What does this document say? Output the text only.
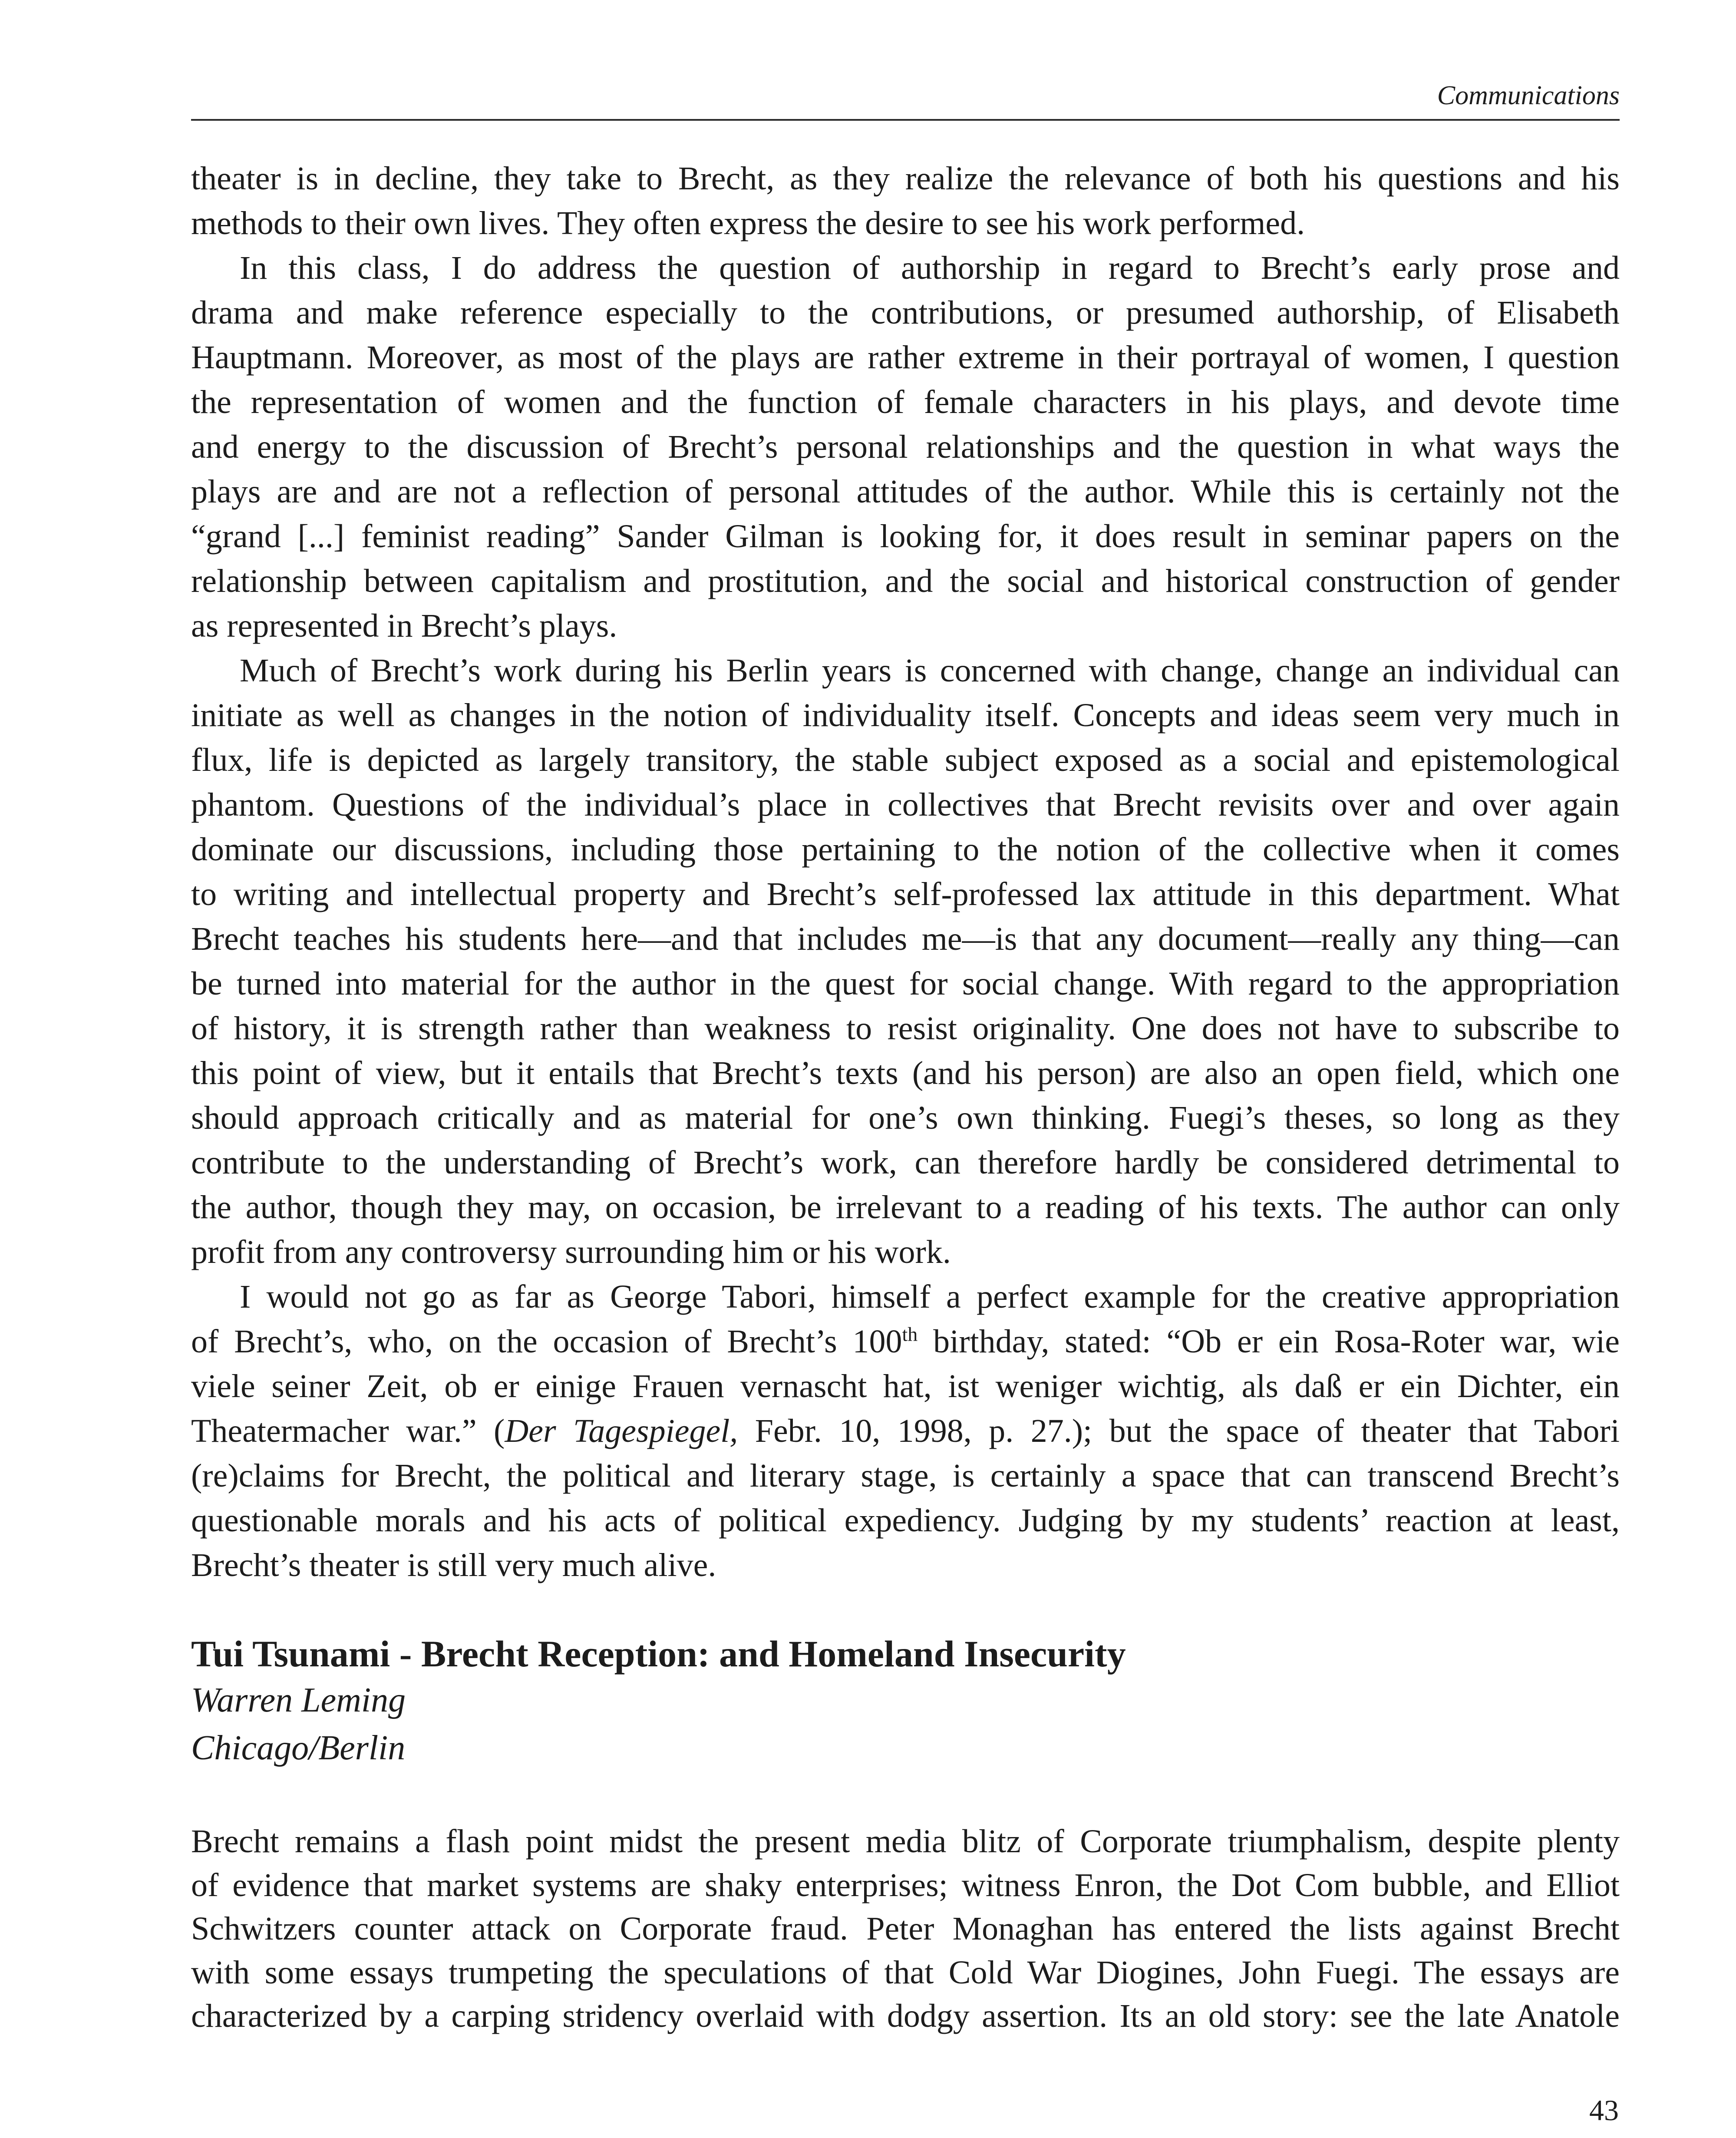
Communications
theater is in decline, they take to Brecht, as they realize the relevance of both his questions and his
methods to their own lives. They often express the desire to see his work performed.
In this class, I do address the question of authorship in regard to Brecht’s early prose and
drama and make reference especially to the contributions, or presumed authorship, of Elisabeth
Hauptmann. Moreover, as most of the plays are rather extreme in their portrayal of women, I question
the representation of women and the function of female characters in his plays, and devote time
and energy to the discussion of Brecht’s personal relationships and the question in what ways the
plays are and are not a reflection of personal attitudes of the author. While this is certainly not the
“grand [...] feminist reading” Sander Gilman is looking for, it does result in seminar papers on the
relationship between capitalism and prostitution, and the social and historical construction of gender
as represented in Brecht’s plays.
Much of Brecht’s work during his Berlin years is concerned with change, change an individual can
initiate as well as changes in the notion of individuality itself. Concepts and ideas seem very much in
flux, life is depicted as largely transitory, the stable subject exposed as a social and epistemological
phantom. Questions of the individual’s place in collectives that Brecht revisits over and over again
dominate our discussions, including those pertaining to the notion of the collective when it comes
to writing and intellectual property and Brecht’s self-professed lax attitude in this department. What
Brecht teaches his students here—and that includes me—is that any document—really any thing—can
be turned into material for the author in the quest for social change. With regard to the appropriation
of history, it is strength rather than weakness to resist originality. One does not have to subscribe to
this point of view, but it entails that Brecht’s texts (and his person) are also an open field, which one
should approach critically and as material for one’s own thinking. Fuegi’s theses, so long as they
contribute to the understanding of Brecht’s work, can therefore hardly be considered detrimental to
the author, though they may, on occasion, be irrelevant to a reading of his texts. The author can only
profit from any controversy surrounding him or his work.
I would not go as far as George Tabori, himself a perfect example for the creative appropriation
of Brecht’s, who, on the occasion of Brecht’s 100th birthday, stated: “Ob er ein Rosa-Roter war, wie
viele seiner Zeit, ob er einige Frauen vernascht hat, ist weniger wichtig, als daß er ein Dichter, ein
Theatermacher war.” (Der Tagespiegel, Febr. 10, 1998, p. 27.); but the space of theater that Tabori
(re)claims for Brecht, the political and literary stage, is certainly a space that can transcend Brecht’s
questionable morals and his acts of political expediency. Judging by my students’ reaction at least,
Brecht’s theater is still very much alive.
Tui Tsunami - Brecht Reception: and Homeland Insecurity
Warren Leming
Chicago/Berlin
Brecht remains a flash point midst the present media blitz of Corporate triumphalism, despite plenty
of evidence that market systems are shaky enterprises; witness Enron, the Dot Com bubble, and Elliot
Schwitzers counter attack on Corporate fraud. Peter Monaghan has entered the lists against Brecht
with some essays trumpeting the speculations of that Cold War Diogines, John Fuegi. The essays are
characterized by a carping stridency overlaid with dodgy assertion. Its an old story: see the late Anatole
43
